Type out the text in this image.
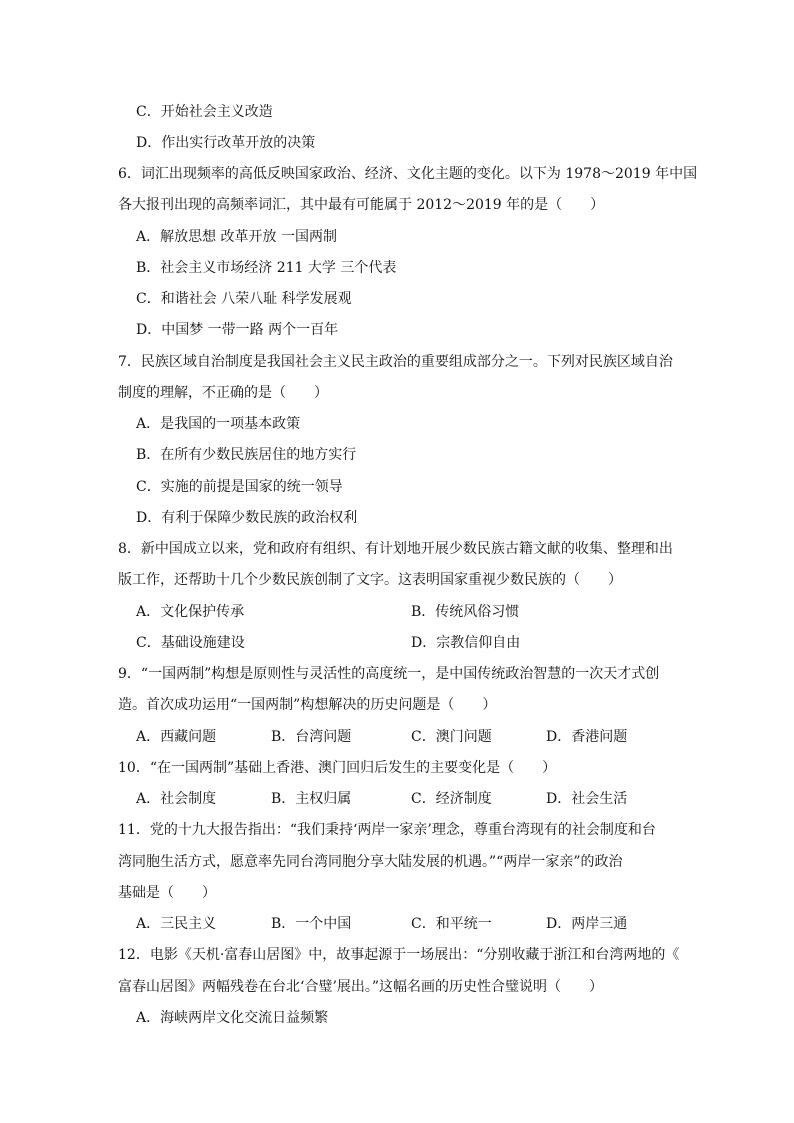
C．开始社会主义改造
D．作出实行改革开放的决策
6．词汇出现频率的高低反映国家政治、经济、文化主题的变化。以下为 1978～2019 年中国
各大报刊出现的高频率词汇，其中最有可能属于 2012～2019 年的是（　　）
A．解放思想 改革开放 一国两制
B．社会主义市场经济 211 大学 三个代表
C．和谐社会 八荣八耻 科学发展观
D．中国梦 一带一路 两个一百年
7．民族区域自治制度是我国社会主义民主政治的重要组成部分之一。下列对民族区域自治
制度的理解，不正确的是（　　）
A．是我国的一项基本政策
B．在所有少数民族居住的地方实行
C．实施的前提是国家的统一领导
D．有利于保障少数民族的政治权利
8．新中国成立以来，党和政府有组织、有计划地开展少数民族古籍文献的收集、整理和出
版工作，还帮助十几个少数民族创制了文字。这表明国家重视少数民族的（　　）
A．文化保护传承	B．传统风俗习惯
C．基础设施建设	D．宗教信仰自由
9．“一国两制”构想是原则性与灵活性的高度统一，是中国传统政治智慧的一次天才式创
造。首次成功运用“一国两制”构想解决的历史问题是（　　）
A．西藏问题	B．台湾问题	C．澳门问题	D．香港问题
10．“在一国两制”基础上香港、澳门回归后发生的主要变化是（　　）
A．社会制度	B．主权归属	C．经济制度	D．社会生活
11．党的十九大报告指出：“我们秉持‘两岸一家亲’理念，尊重台湾现有的社会制度和台
湾同胞生活方式，愿意率先同台湾同胞分享大陆发展的机遇。”“两岸一家亲”的政治
基础是（　　）
A．三民主义	B．一个中国	C．和平统一	D．两岸三通
12．电影《天机·富春山居图》中，故事起源于一场展出：“分别收藏于浙江和台湾两地的《
富春山居图》两幅残卷在台北‘合璧’展出。”这幅名画的历史性合璧说明（　　）
A．海峡两岸文化交流日益频繁
